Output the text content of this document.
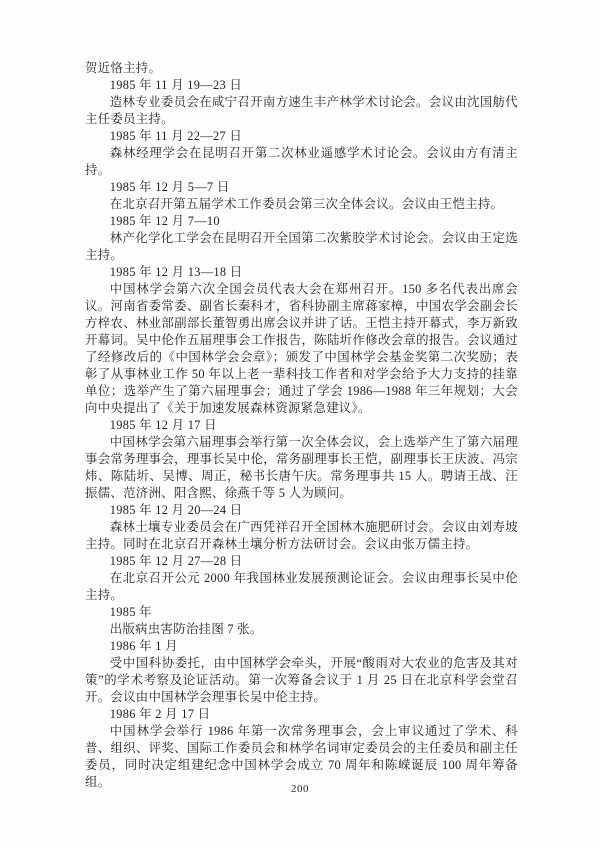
贺近恪主持。

1985 年 11 月 19—23 日

造林专业委员会在咸宁召开南方速生丰产林学术讨论会。会议由沈国舫代主任委员主持。

1985 年 11 月 22—27 日

森林经理学会在昆明召开第二次林业遥感学术讨论会。会议由方有清主持。

1985 年 12 月 5—7 日

在北京召开第五届学术工作委员会第三次全体会议。会议由王恺主持。

1985 年 12 月 7—10

林产化学化工学会在昆明召开全国第二次紫胶学术讨论会。会议由王定选主持。

1985 年 12 月 13—18 日

中国林学会第六次全国会员代表大会在郑州召开。150 多名代表出席会议。河南省委常委、副省长秦科才，省科协副主席蒋家樟，中国农学会副会长方梓农、林业部副部长董智勇出席会议并讲了话。王恺主持开幕式，李万新致开幕词。吴中伦作五届理事会工作报告，陈陆圻作修改会章的报告。会议通过了经修改后的《中国林学会会章》；颁发了中国林学会基金奖第二次奖励；表彰了从事林业工作 50 年以上老一辈科技工作者和对学会给予大力支持的挂靠单位；选举产生了第六届理事会；通过了学会 1986—1988 年三年规划；大会向中央提出了《关于加速发展森林资源紧急建议》。

1985 年 12 月 17 日

中国林学会第六届理事会举行第一次全体会议，会上选举产生了第六届理事会常务理事会，理事长吴中伦，常务副理事长王恺，副理事长王庆波、冯宗炜、陈陆圻、吴博、周正，秘书长唐午庆。常务理事共 15 人。聘请王战、汪振儒、范济洲、阳含熙、徐燕千等 5 人为顾问。

1985 年 12 月 20—24 日

森林土壤专业委员会在广西凭祥召开全国林木施肥研讨会。会议由刘寿坡主持。同时在北京召开森林土壤分析方法研讨会。会议由张万儒主持。

1985 年 12 月 27—28 日

在北京召开公元 2000 年我国林业发展预测论证会。会议由理事长吴中伦主持。

1985 年

出版病虫害防治挂图 7 张。

1986 年 1 月

受中国科协委托，由中国林学会牵头，开展“酸雨对大农业的危害及其对策”的学术考察及论证活动。第一次筹备会议于 1 月 25 日在北京科学会堂召开。会议由中国林学会理事长吴中伦主持。

1986 年 2 月 17 日

中国林学会举行 1986 年第一次常务理事会，会上审议通过了学术、科普、组织、评奖、国际工作委员会和林学名词审定委员会的主任委员和副主任委员，同时决定组建纪念中国林学会成立 70 周年和陈嵘诞辰 100 周年筹备组。	200
